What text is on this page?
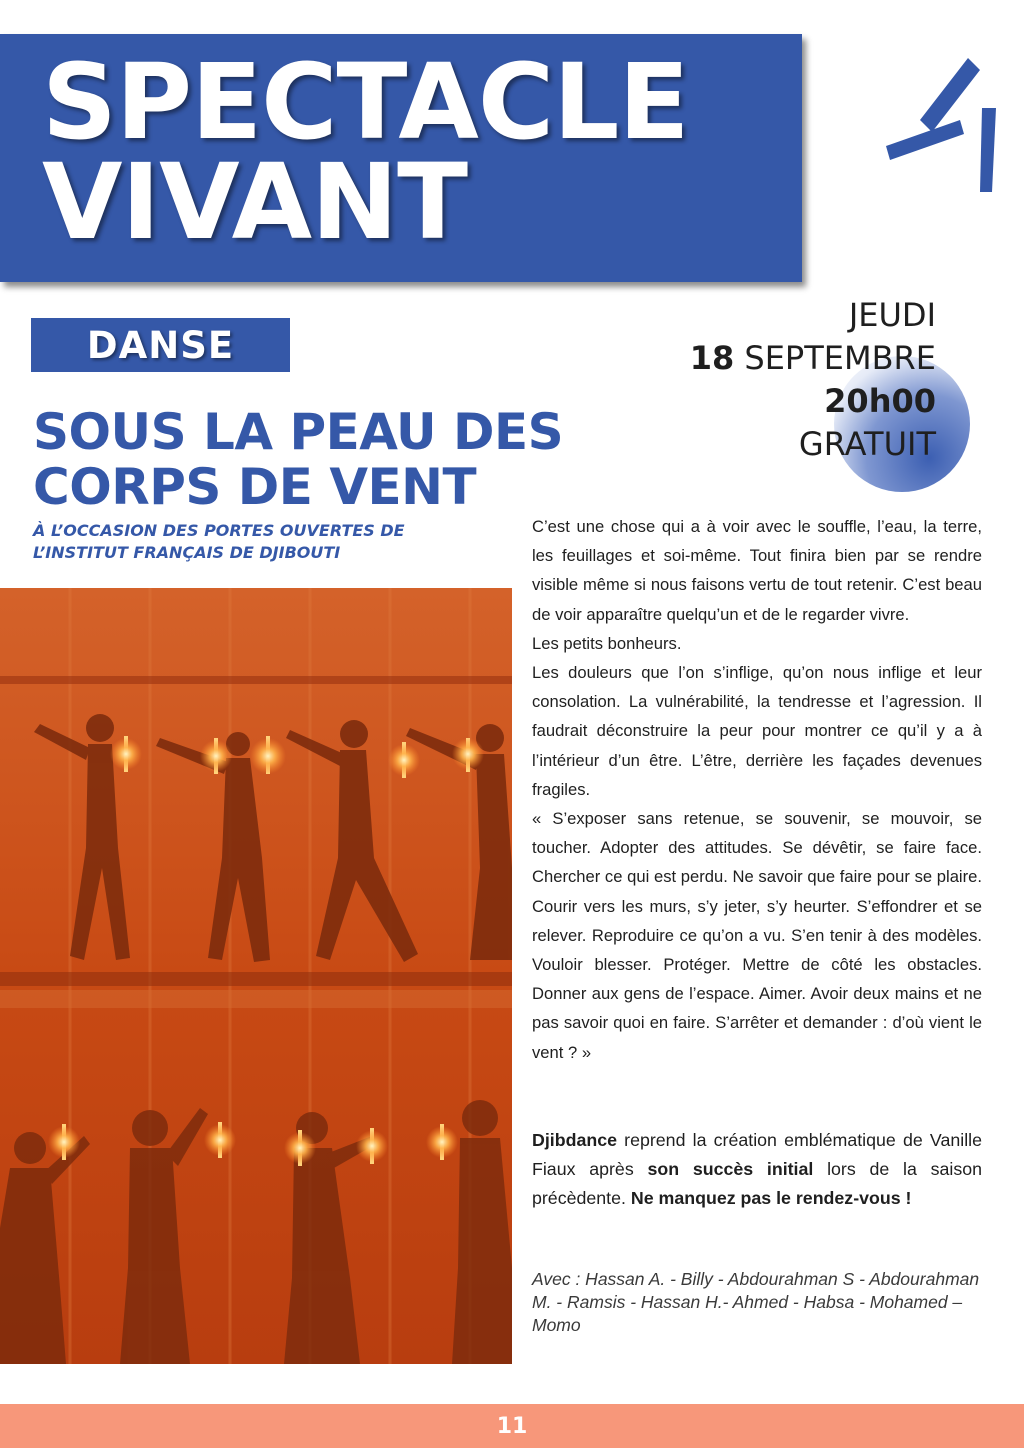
SPECTACLE
VIVANT
DANSE
JEUDI
18 SEPTEMBRE
20h00
GRATUIT
SOUS LA PEAU DES
CORPS DE VENT

À L’OCCASION DES PORTES OUVERTES DE
L’INSTITUT FRANÇAIS DE DJIBOUTI

C’est une chose qui a à voir avec le souffle, l’eau, la terre, les feuillages et soi-même. Tout finira bien par se rendre visible même si nous faisons vertu de tout retenir. C’est beau de voir apparaître quelqu’un et de le regarder vivre.

Les petits bonheurs.

Les douleurs que l’on s’inflige, qu’on nous inflige et leur consolation. La vulnérabilité, la tendresse et l’agression. Il faudrait déconstruire la peur pour montrer ce qu’il y a à l’intérieur d’un être. L’être, derrière les façades devenues fragiles.

« S’exposer sans retenue, se souvenir, se mouvoir, se toucher. Adopter des attitudes. Se dévêtir, se faire face. Chercher ce qui est perdu. Ne savoir que faire pour se plaire. Courir vers les murs, s’y jeter, s’y heurter. S’effondrer et se relever. Reproduire ce qu’on a vu. S’en tenir à des modèles. Vouloir blesser. Protéger. Mettre de côté les obstacles. Donner aux gens de l’espace. Aimer. Avoir deux mains et ne pas savoir quoi en faire. S’arrêter et demander : d’où vient le vent ? »

Djibdance reprend la création emblématique de Vanille Fiaux après son succès initial lors de la saison précèdente. Ne manquez pas le rendez-vous !

Avec : Hassan A. - Billy - Abdourahman S - Abdourahman M. - Ramsis - Hassan H.- Ahmed - Habsa - Mohamed – Momo

11
